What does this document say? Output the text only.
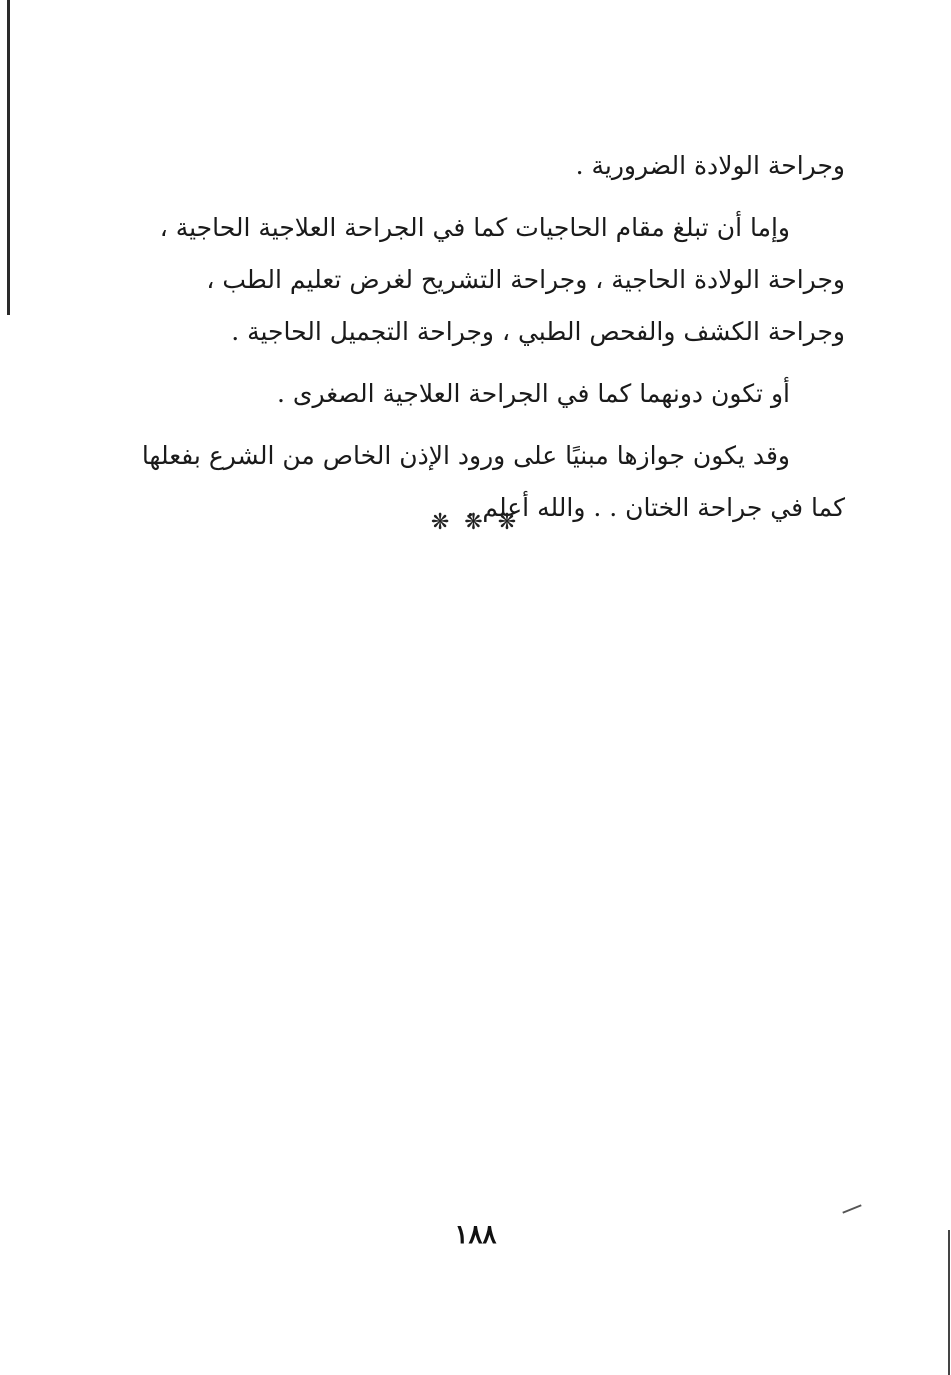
وجراحة الولادة الضرورية .
وإما أن تبلغ مقام الحاجيات كما في الجراحة العلاجية الحاجية ،
وجراحة الولادة الحاجية ، وجراحة التشريح لغرض تعليم الطب ،
وجراحة الكشف والفحص الطبي ، وجراحة التجميل الحاجية .
أو تكون دونهما كما في الجراحة العلاجية الصغرى .
وقد يكون جوازها مبنيًا على ورود الإذن الخاص من الشرع بفعلها
كما في جراحة الختان . . والله أعلم .
❋ ❋ ❋
١٨٨
